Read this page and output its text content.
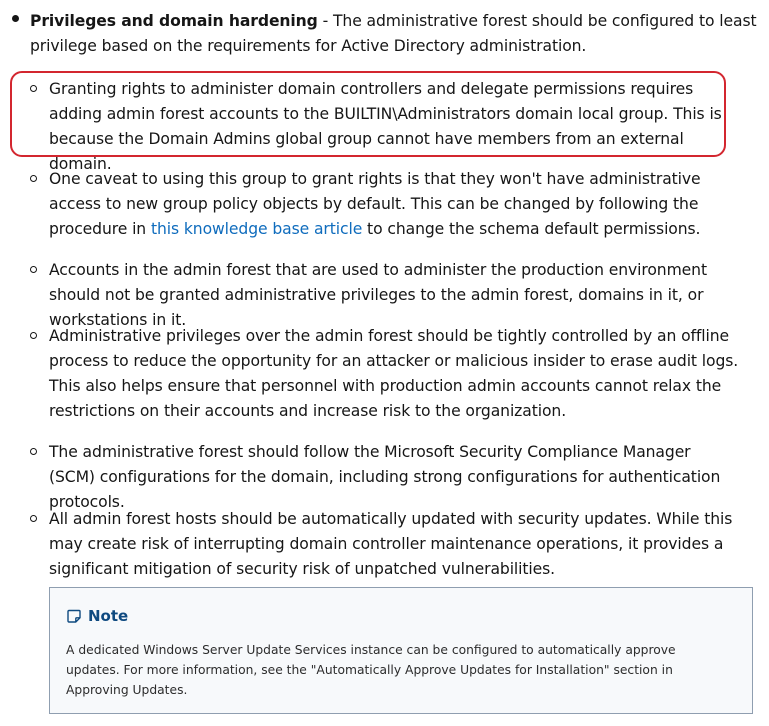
Privileges and domain hardening - The administrative forest should be configured to least privilege based on the requirements for Active Directory administration.
Granting rights to administer domain controllers and delegate permissions requires adding admin forest accounts to the BUILTIN\Administrators domain local group. This is because the Domain Admins global group cannot have members from an external domain.
One caveat to using this group to grant rights is that they won't have administrative access to new group policy objects by default. This can be changed by following the procedure in this knowledge base article to change the schema default permissions.
Accounts in the admin forest that are used to administer the production environment should not be granted administrative privileges to the admin forest, domains in it, or workstations in it.
Administrative privileges over the admin forest should be tightly controlled by an offline process to reduce the opportunity for an attacker or malicious insider to erase audit logs. This also helps ensure that personnel with production admin accounts cannot relax the restrictions on their accounts and increase risk to the organization.
The administrative forest should follow the Microsoft Security Compliance Manager (SCM) configurations for the domain, including strong configurations for authentication protocols.
All admin forest hosts should be automatically updated with security updates. While this may create risk of interrupting domain controller maintenance operations, it provides a significant mitigation of security risk of unpatched vulnerabilities.
Note
A dedicated Windows Server Update Services instance can be configured to automatically approve updates. For more information, see the "Automatically Approve Updates for Installation" section in Approving Updates.
